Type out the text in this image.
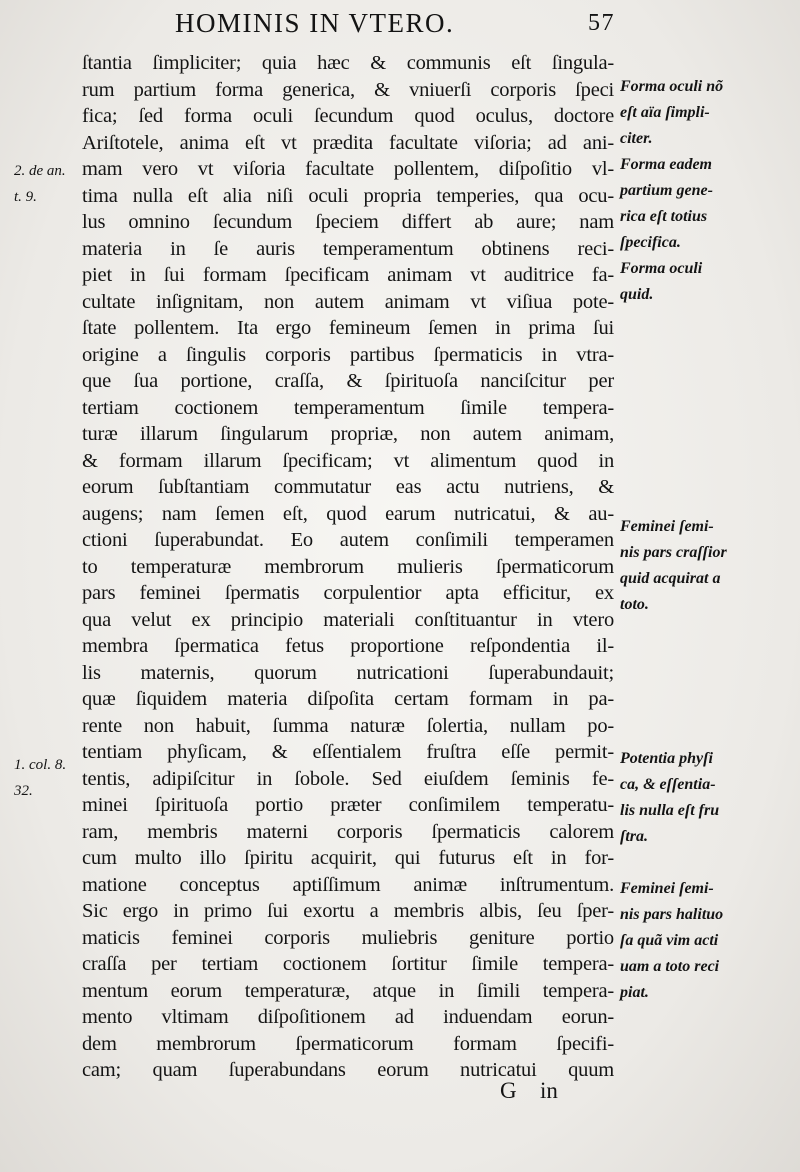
HOMINIS IN VTERO.	57
ſtantia ſimpliciter; quia hæc & communis eſt ſingula-
rum partium forma generica, & vniuerſi corporis ſpeci
fica; ſed forma oculi ſecundum quod oculus, doctore
Ariſtotele, anima eſt vt prædita facultate viſoria; ad ani-
mam vero vt viſoria facultate pollentem, diſpoſitio vl-
tima nulla eſt alia niſi oculi propria temperies, qua ocu-
lus omnino ſecundum ſpeciem differt ab aure; nam
materia in ſe auris temperamentum obtinens reci-
piet in ſui formam ſpecificam animam vt auditrice fa-
cultate inſignitam, non autem animam vt viſiua pote-
ſtate pollentem. Ita ergo femineum ſemen in prima ſui
origine a ſingulis corporis partibus ſpermaticis in vtra-
que ſua portione, craſſa, & ſpirituoſa nanciſcitur per
tertiam coctionem temperamentum ſimile tempera-
turæ illarum ſingularum propriæ, non autem animam,
& formam illarum ſpecificam; vt alimentum quod in
eorum ſubſtantiam commutatur eas actu nutriens, &
augens; nam ſemen eſt, quod earum nutricatui, & au-
ctioni ſuperabundat. Eo autem conſimili temperamen
to temperaturæ membrorum mulieris ſpermaticorum
pars feminei ſpermatis corpulentior apta efficitur, ex
qua velut ex principio materiali conſtituantur in vtero
membra ſpermatica fetus proportione reſpondentia il-
lis maternis, quorum nutricationi ſuperabundauit;
quæ ſiquidem materia diſpoſita certam formam in pa-
rente non habuit, ſumma naturæ ſolertia, nullam po-
tentiam phyſicam, & eſſentialem fruſtra eſſe permit-
tentis, adipiſcitur in ſobole. Sed eiuſdem ſeminis fe-
minei ſpirituoſa portio præter conſimilem temperatu-
ram, membris materni corporis ſpermaticis calorem
cum multo illo ſpiritu acquirit, qui futurus eſt in for-
matione conceptus aptiſſimum animæ inſtrumentum.
Sic ergo in primo ſui exortu a membris albis, ſeu ſper-
maticis feminei corporis muliebris geniture portio
craſſa per tertiam coctionem ſortitur ſimile tempera-
mentum eorum temperaturæ, atque in ſimili tempera-
mento vltimam diſpoſitionem ad induendam eorun-
dem membrorum ſpermaticorum formam ſpecifi-
cam; quam ſuperabundans eorum nutricatui quum
G in
2. de an.
t. 9.
1. col. 8.
32.
Forma oculi nõ
eſt aïa ſimpli-
citer.
Forma eadem
partium gene-
rica eſt totius
ſpecifica.
Forma oculi
quid.
Feminei ſemi-
nis pars craſſior
quid acquirat a
toto.
Potentia phyſi
ca, & eſſentia-
lis nulla eſt fru
ſtra.
Feminei ſemi-
nis pars halituo
ſa quã vim acti
uam a toto reci
piat.
